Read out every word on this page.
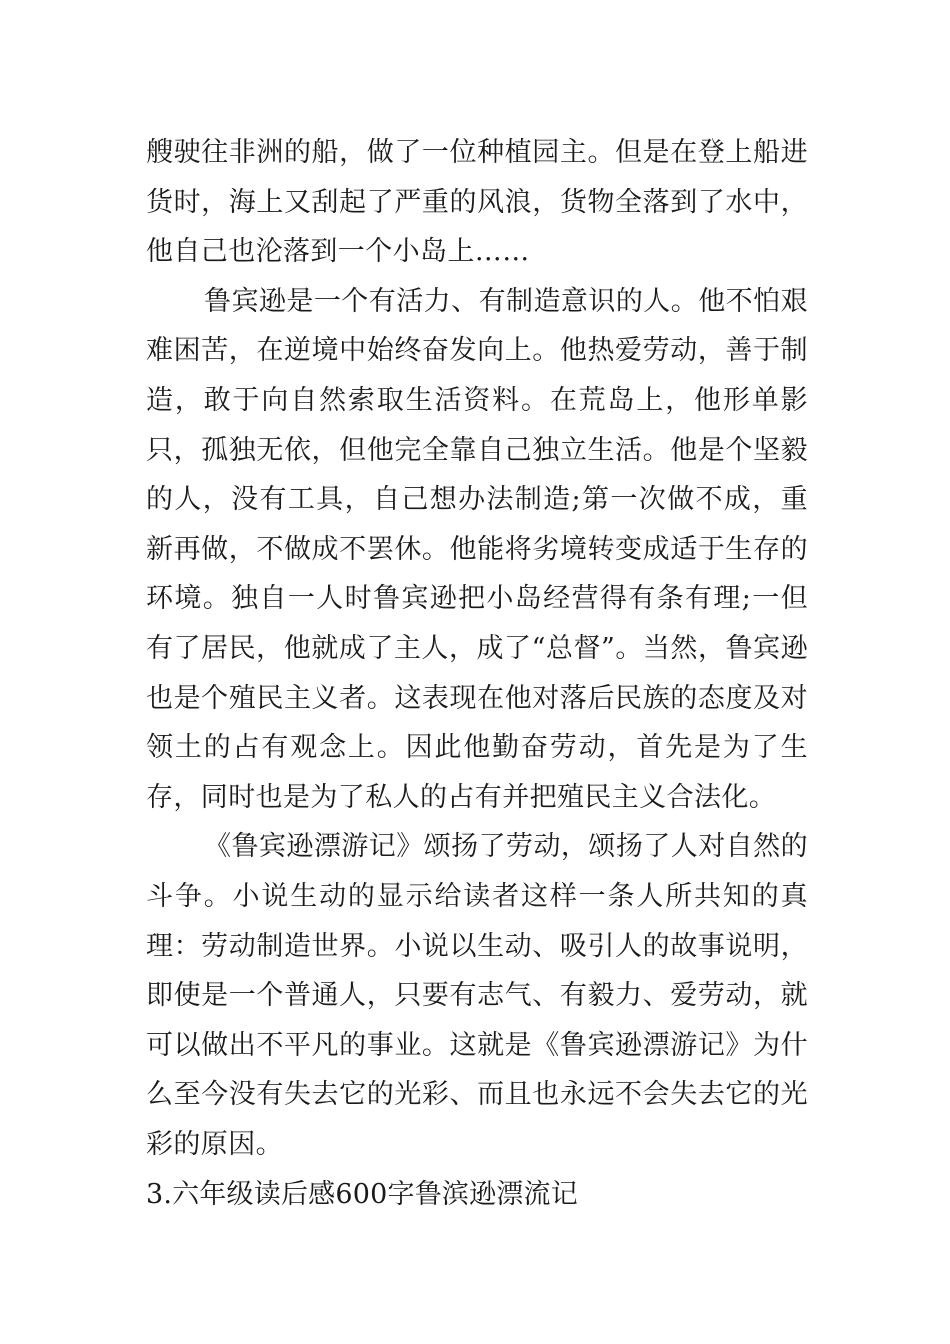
艘驶往非洲的船，做了一位种植园主。但是在登上船进货时，海上又刮起了严重的风浪，货物全落到了水中，他自己也沦落到一个小岛上……

鲁宾逊是一个有活力、有制造意识的人。他不怕艰难困苦，在逆境中始终奋发向上。他热爱劳动，善于制造，敢于向自然索取生活资料。在荒岛上，他形单影只，孤独无依，但他完全靠自己独立生活。他是个坚毅的人，没有工具，自己想办法制造;第一次做不成，重新再做，不做成不罢休。他能将劣境转变成适于生存的环境。独自一人时鲁宾逊把小岛经营得有条有理;一但有了居民，他就成了主人，成了“总督”。当然，鲁宾逊也是个殖民主义者。这表现在他对落后民族的态度及对领土的占有观念上。因此他勤奋劳动，首先是为了生存，同时也是为了私人的占有并把殖民主义合法化。

《鲁宾逊漂游记》颂扬了劳动，颂扬了人对自然的斗争。小说生动的显示给读者这样一条人所共知的真理：劳动制造世界。小说以生动、吸引人的故事说明，即使是一个普通人，只要有志气、有毅力、爱劳动，就可以做出不平凡的事业。这就是《鲁宾逊漂游记》为什么至今没有失去它的光彩、而且也永远不会失去它的光彩的原因。

3.六年级读后感600字鲁滨逊漂流记
